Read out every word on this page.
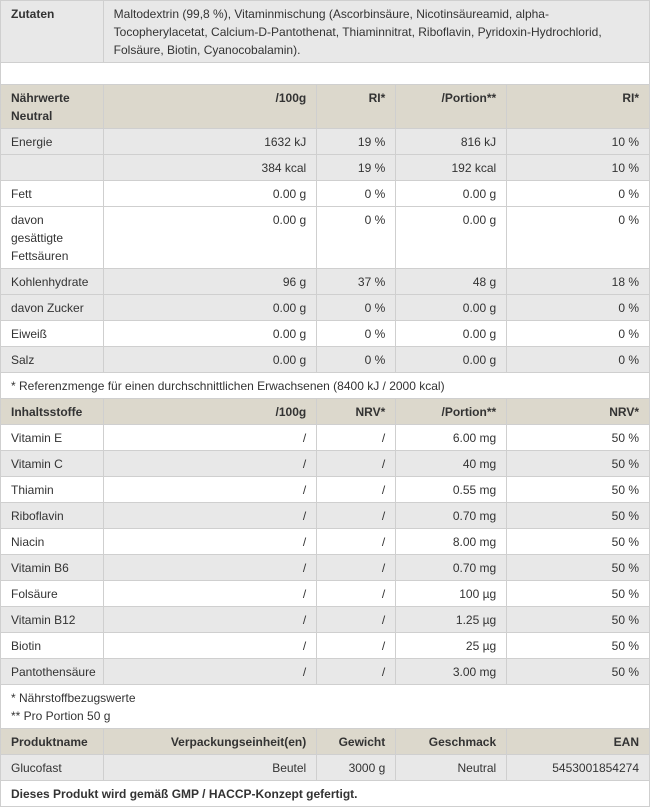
Zutaten	Maltodextrin (99,8 %), Vitaminmischung (Ascorbinsäure, Nicotinsäureamid, alpha-Tocopherylacetat, Calcium-D-Pantothenat, Thiaminnitrat, Riboflavin, Pyridoxin-Hydrochlorid, Folsäure, Biotin, Cyanocobalamin).			

Nährwerte Neutral	/100g	RI*	/Portion**	RI*
Energie	1632 kJ	19 %	816 kJ	10 %
	384 kcal	19 %	192 kcal	10 %
Fett	0.00 g	0 %	0.00 g	0 %
davon gesättigte Fettsäuren	0.00 g	0 %	0.00 g	0 %
Kohlenhydrate	96 g	37 %	48 g	18 %
davon Zucker	0.00 g	0 %	0.00 g	0 %
Eiweiß	0.00 g	0 %	0.00 g	0 %
Salz	0.00 g	0 %	0.00 g	0 %
* Referenzmenge für einen durchschnittlichen Erwachsenen (8400 kJ / 2000 kcal)				
Inhaltsstoffe	/100g	NRV*	/Portion**	NRV*
Vitamin E	/	/	6.00 mg	50 %
Vitamin C	/	/	40 mg	50 %
Thiamin	/	/	0.55 mg	50 %
Riboflavin	/	/	0.70 mg	50 %
Niacin	/	/	8.00 mg	50 %
Vitamin B6	/	/	0.70 mg	50 %
Folsäure	/	/	100 µg	50 %
Vitamin B12	/	/	1.25 µg	50 %
Biotin	/	/	25 µg	50 %
Pantothensäure	/	/	3.00 mg	50 %

* Nährstoffbezugswerte
** Pro Portion 50 g				

Produktname	Verpackungseinheit(en)	Gewicht	Geschmack	EAN
Glucofast	Beutel	3000 g	Neutral	5453001854274
Dieses Produkt wird gemäß GMP / HACCP-Konzept gefertigt.				
